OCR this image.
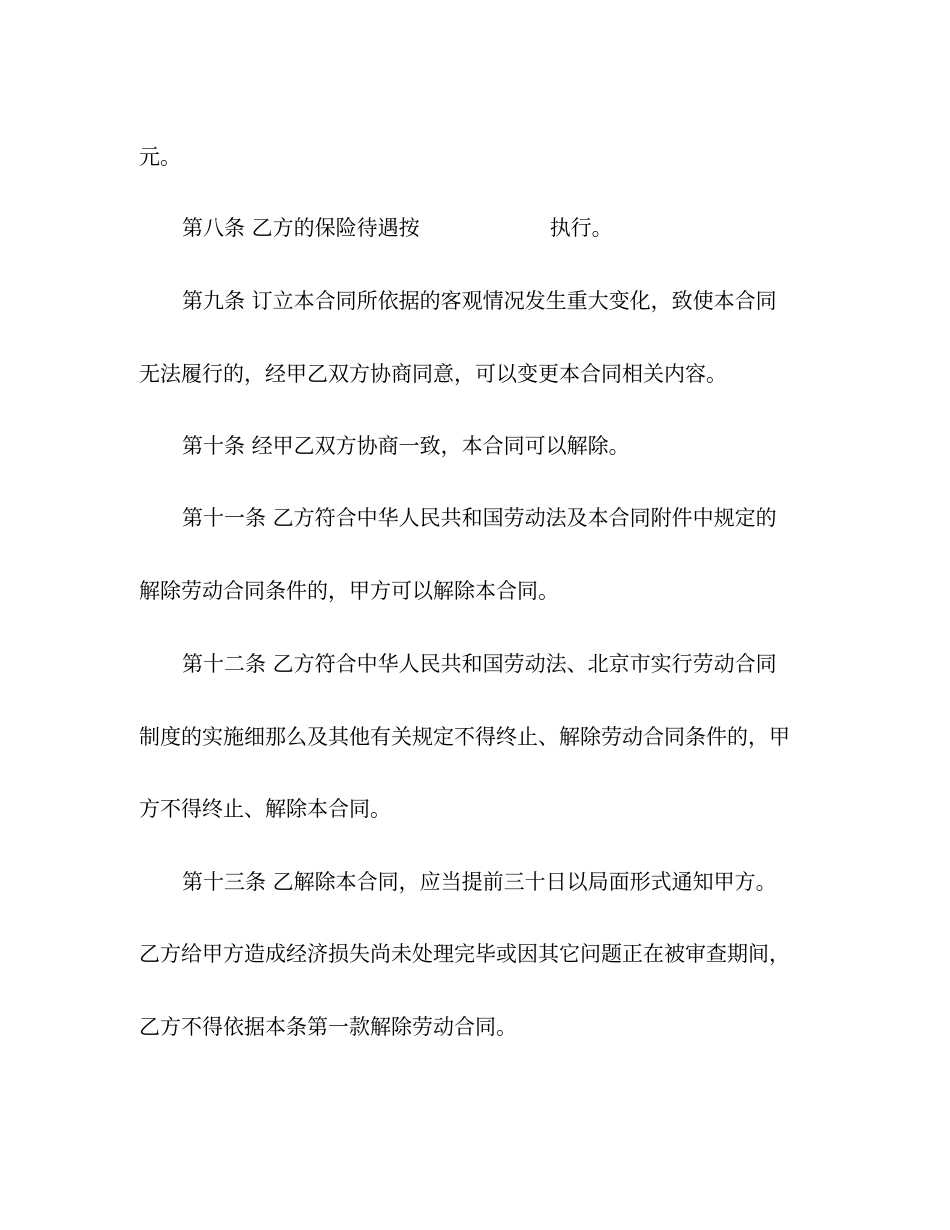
元。
第八条 乙方的保险待遇按	执行。
第九条 订立本合同所依据的客观情况发生重大变化，致使本合同
无法履行的，经甲乙双方协商同意，可以变更本合同相关内容。
第十条 经甲乙双方协商一致，本合同可以解除。
第十一条 乙方符合中华人民共和国劳动法及本合同附件中规定的
解除劳动合同条件的，甲方可以解除本合同。
第十二条 乙方符合中华人民共和国劳动法、北京市实行劳动合同
制度的实施细那么及其他有关规定不得终止、解除劳动合同条件的，甲
方不得终止、解除本合同。
第十三条 乙解除本合同，应当提前三十日以局面形式通知甲方。
乙方给甲方造成经济损失尚未处理完毕或因其它问题正在被审查期间，
乙方不得依据本条第一款解除劳动合同。
